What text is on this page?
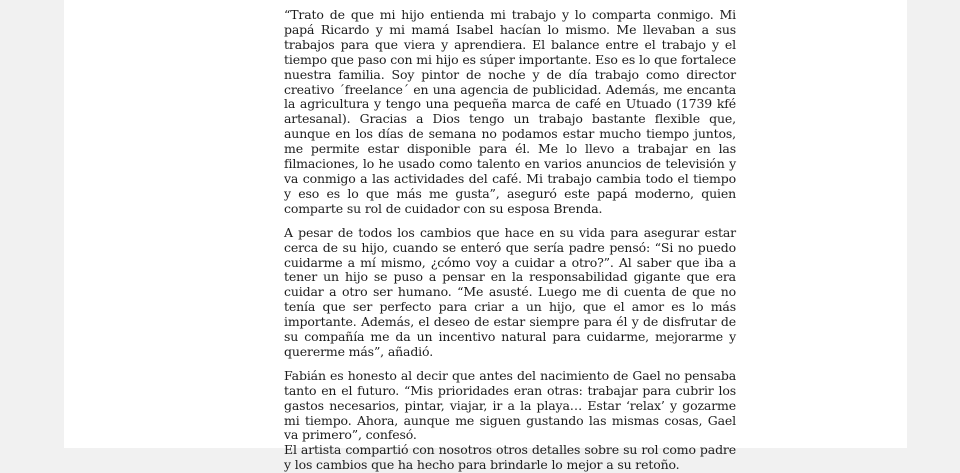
“Trato de que mi hijo entienda mi trabajo y lo comparta conmigo. Mi papá Ricardo y mi mamá Isabel hacían lo mismo. Me llevaban a sus trabajos para que viera y aprendiera. El balance entre el trabajo y el tiempo que paso con mi hijo es súper importante. Eso es lo que fortalece nuestra familia. Soy pintor de noche y de día trabajo como director creativo ´freelance´ en una agencia de publicidad. Además, me encanta la agricultura y tengo una pequeña marca de café en Utuado (1739 kfé artesanal). Gracias a Dios tengo un trabajo bastante flexible que, aunque en los días de semana no podamos estar mucho tiempo juntos, me permite estar disponible para él. Me lo llevo a trabajar en las filmaciones, lo he usado como talento en varios anuncios de televisión y va conmigo a las actividades del café. Mi trabajo cambia todo el tiempo y eso es lo que más me gusta”, aseguró este papá moderno, quien comparte su rol de cuidador con su esposa Brenda.

A pesar de todos los cambios que hace en su vida para asegurar estar cerca de su hijo, cuando se enteró que sería padre pensó: “Si no puedo cuidarme a mí mismo, ¿cómo voy a cuidar a otro?”. Al saber que iba a tener un hijo se puso a pensar en la responsabilidad gigante que era cuidar a otro ser humano. “Me asusté. Luego me di cuenta de que no tenía que ser perfecto para criar a un hijo, que el amor es lo más importante. Además, el deseo de estar siempre para él y de disfrutar de su compañía me da un incentivo natural para cuidarme, mejorarme y quererme más”, añadió.

Fabián es honesto al decir que antes del nacimiento de Gael no pensaba tanto en el futuro. “Mis prioridades eran otras: trabajar para cubrir los gastos necesarios, pintar, viajar, ir a la playa… Estar ‘relax’ y gozarme mi tiempo. Ahora, aunque me siguen gustando las mismas cosas, Gael va primero”, confesó.

El artista compartió con nosotros otros detalles sobre su rol como padre y los cambios que ha hecho para brindarle lo mejor a su retoño.
